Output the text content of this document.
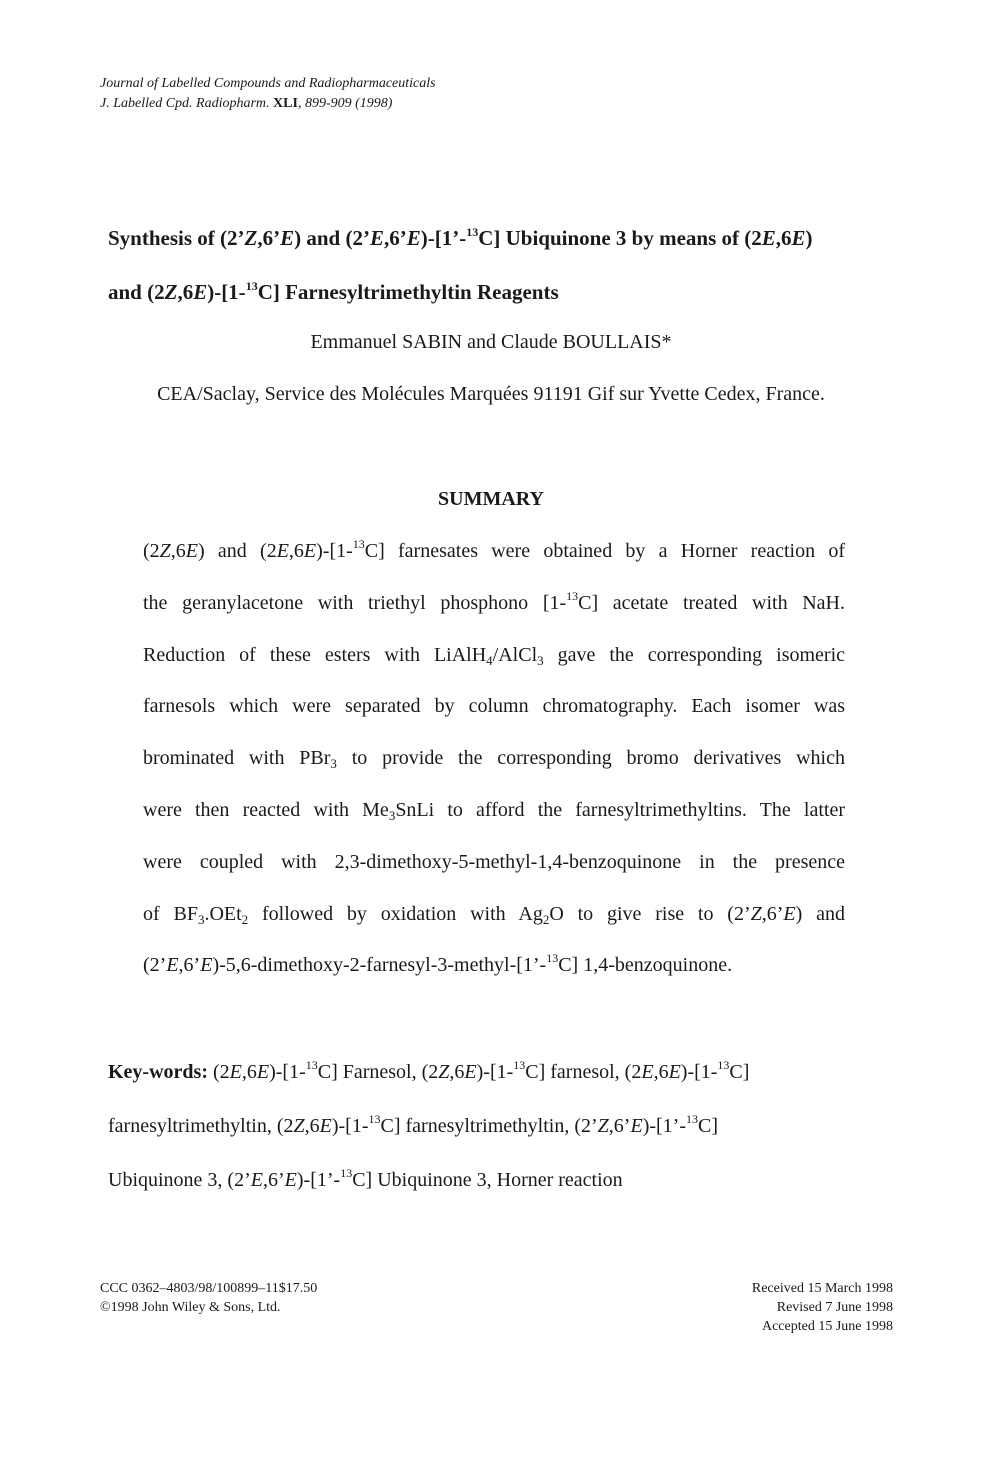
Journal of Labelled Compounds and Radiopharmaceuticals
J. Labelled Cpd. Radiopharm. XLI, 899-909 (1998)
Synthesis of (2’Z,6’E) and (2’E,6’E)-[1’-$^{13}$C] Ubiquinone 3 by means of (2E,6E)
and (2Z,6E)-[1-$^{13}$C] Farnesyltrimethyltin Reagents
Emmanuel SABIN and Claude BOULLAIS*
CEA/Saclay, Service des Molécules Marquées 91191 Gif sur Yvette Cedex, France.
SUMMARY
(2Z,6E) and (2E,6E)-[1-$^{13}$C] farnesates were obtained by a Horner reaction of
the geranylacetone with triethyl phosphono [1-$^{13}$C] acetate treated with NaH.
Reduction of these esters with LiAlH$_4$/AlCl$_3$ gave the corresponding isomeric
farnesols which were separated by column chromatography. Each isomer was
brominated with PBr$_3$ to provide the corresponding bromo derivatives which
were then reacted with $Me_3SnLi$ to afford the farnesyltrimethyltins. The latter
were coupled with 2,3-dimethoxy-5-methyl-1,4-benzoquinone in the presence
of $BF_3.OEt_2$ followed by oxidation with $Ag_2O$ to give rise to (2’Z,6’E) and
(2’E,6’E)-5,6-dimethoxy-2-farnesyl-3-methyl-[1’-$^{13}$C] 1,4-benzoquinone.
Key-words: (2E,6E)-[1-$^{13}$C] Farnesol, (2Z,6E)-[1-$^{13}$C] farnesol, (2E,6E)-[1-$^{13}$C]
farnesyltrimethyltin, (2Z,6E)-[1-$^{13}$C] farnesyltrimethyltin, (2’Z,6’E)-[1’-$^{13}$C]
Ubiquinone 3, (2’E,6’E)-[1’-$^{13}$C] Ubiquinone 3, Horner reaction
CCC 0362–4803/98/100899–11$17.50
©1998 John Wiley & Sons, Ltd.
Received 15 March 1998
Revised 7 June 1998
Accepted 15 June 1998
